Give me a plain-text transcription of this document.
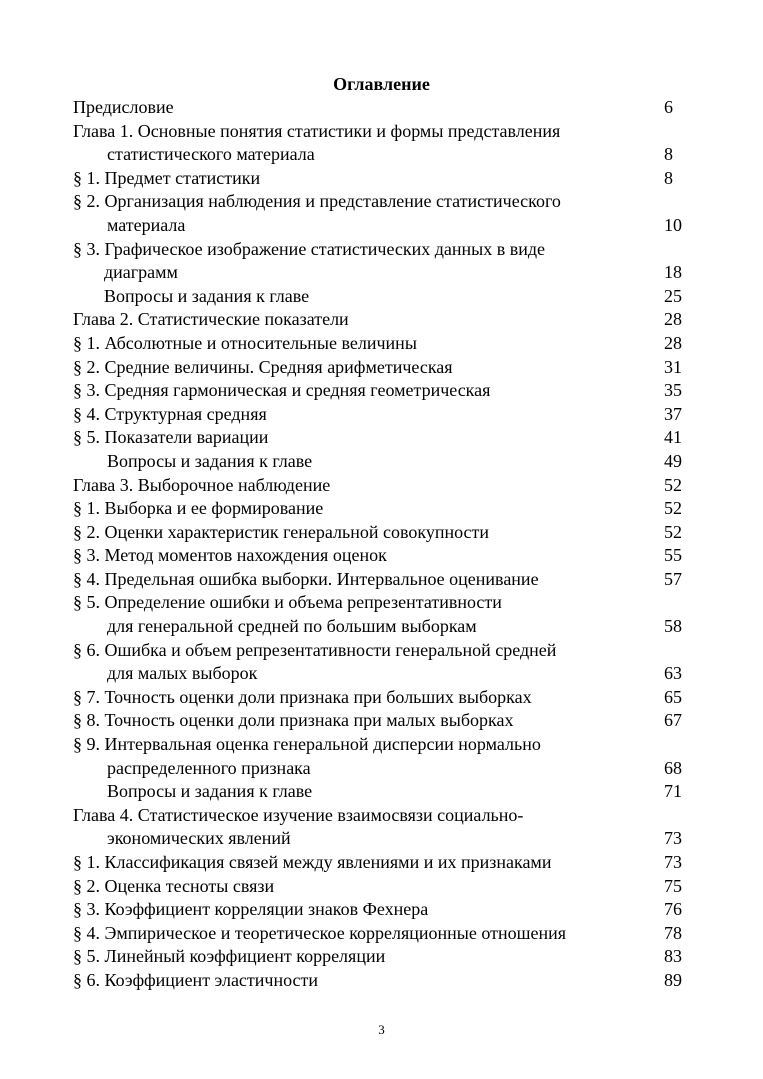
Оглавление
Предисловие	6
Глава 1. Основные понятия статистики и формы представления
статистического материала	8
§ 1. Предмет статистики	8
§ 2. Организация наблюдения и представление статистического
материала	10
§ 3. Графическое изображение статистических данных в виде
диаграмм	18
Вопросы и задания к главе	25
Глава 2. Статистические показатели	28
§ 1. Абсолютные и относительные величины	28
§ 2. Средние величины. Средняя арифметическая	31
§ 3. Средняя гармоническая и средняя геометрическая	35
§ 4. Структурная средняя	37
§ 5. Показатели вариации	41
Вопросы и задания к главе	49
Глава 3. Выборочное наблюдение	52
§ 1. Выборка и ее формирование	52
§ 2. Оценки характеристик генеральной совокупности	52
§ 3. Метод моментов нахождения оценок	55
§ 4. Предельная ошибка выборки. Интервальное оценивание	57
§ 5. Определение ошибки и объема репрезентативности
для генеральной средней по большим выборкам	58
§ 6. Ошибка и объем репрезентативности генеральной средней
для малых выборок	63
§ 7. Точность оценки доли признака при больших выборках	65
§ 8. Точность оценки доли признака при малых выборках	67
§ 9. Интервальная оценка генеральной дисперсии нормально
распределенного признака	68
Вопросы и задания к главе	71
Глава 4. Статистическое изучение взаимосвязи социально-
экономических явлений	73
§ 1. Классификация связей между явлениями и их признаками	73
§ 2. Оценка тесноты связи	75
§ 3. Коэффициент корреляции знаков Фехнера	76
§ 4. Эмпирическое и теоретическое корреляционные отношения	78
§ 5. Линейный коэффициент корреляции	83
§ 6. Коэффициент эластичности	89
3
